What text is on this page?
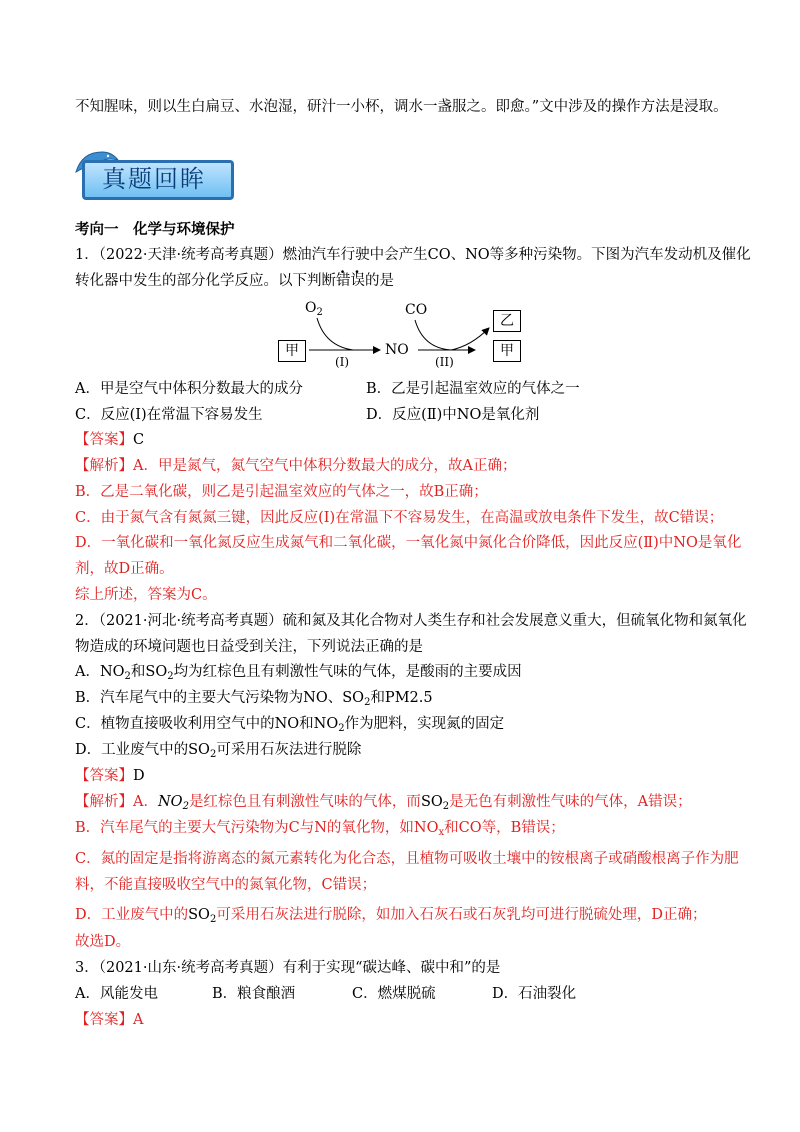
不知腥味，则以生白扁豆、水泡湿，研汁一小杯，调水一盏服之。即愈。”文中涉及的操作方法是浸取。
真题回眸
考向一　化学与环境保护
1．（2022·天津·统考高考真题）燃油汽车行驶中会产生CO、NO等多种污染物。下图为汽车发动机及催化
转化器中发生的部分化学反应。以下判断错误的是
甲
$O_2$
(I)
NO
CO
(II)
乙
甲
A．甲是空气中体积分数最大的成分	B．乙是引起温室效应的气体之一
C．反应(Ⅰ)在常温下容易发生	D．反应(Ⅱ)中NO是氧化剂
【答案】C
【解析】A．甲是氮气，氮气空气中体积分数最大的成分，故A正确；
B．乙是二氧化碳，则乙是引起温室效应的气体之一，故B正确；
C．由于氮气含有氮氮三键，因此反应(Ⅰ)在常温下不容易发生，在高温或放电条件下发生，故C错误；
D．一氧化碳和一氧化氮反应生成氮气和二氧化碳，一氧化氮中氮化合价降低，因此反应(Ⅱ)中NO是氧化
剂，故D正确。
综上所述，答案为C。
2．（2021·河北·统考高考真题）硫和氮及其化合物对人类生存和社会发展意义重大，但硫氧化物和氮氧化
物造成的环境问题也日益受到关注，下列说法正确的是
A．$NO_2$和$SO_2$均为红棕色且有刺激性气味的气体，是酸雨的主要成因
B．汽车尾气中的主要大气污染物为NO、$SO_2$和PM2.5
C．植物直接吸收利用空气中的NO和$NO_2$作为肥料，实现氮的固定
D．工业废气中的$SO_2$可采用石灰法进行脱除
【答案】D
【解析】A．$NO_2$是红棕色且有刺激性气味的气体，而$SO_2$是无色有刺激性气味的气体，A错误；
B．汽车尾气的主要大气污染物为C与N的氧化物，如$NO_x$和CO等，B错误；
C．氮的固定是指将游离态的氮元素转化为化合态，且植物可吸收土壤中的铵根离子或硝酸根离子作为肥
料，不能直接吸收空气中的氮氧化物，C错误；
D．工业废气中的$SO_2$可采用石灰法进行脱除，如加入石灰石或石灰乳均可进行脱硫处理，D正确；
故选D。
3．（2021·山东·统考高考真题）有利于实现“碳达峰、碳中和”的是
A．风能发电	B．粮食酿酒	C．燃煤脱硫	D．石油裂化
【答案】A
